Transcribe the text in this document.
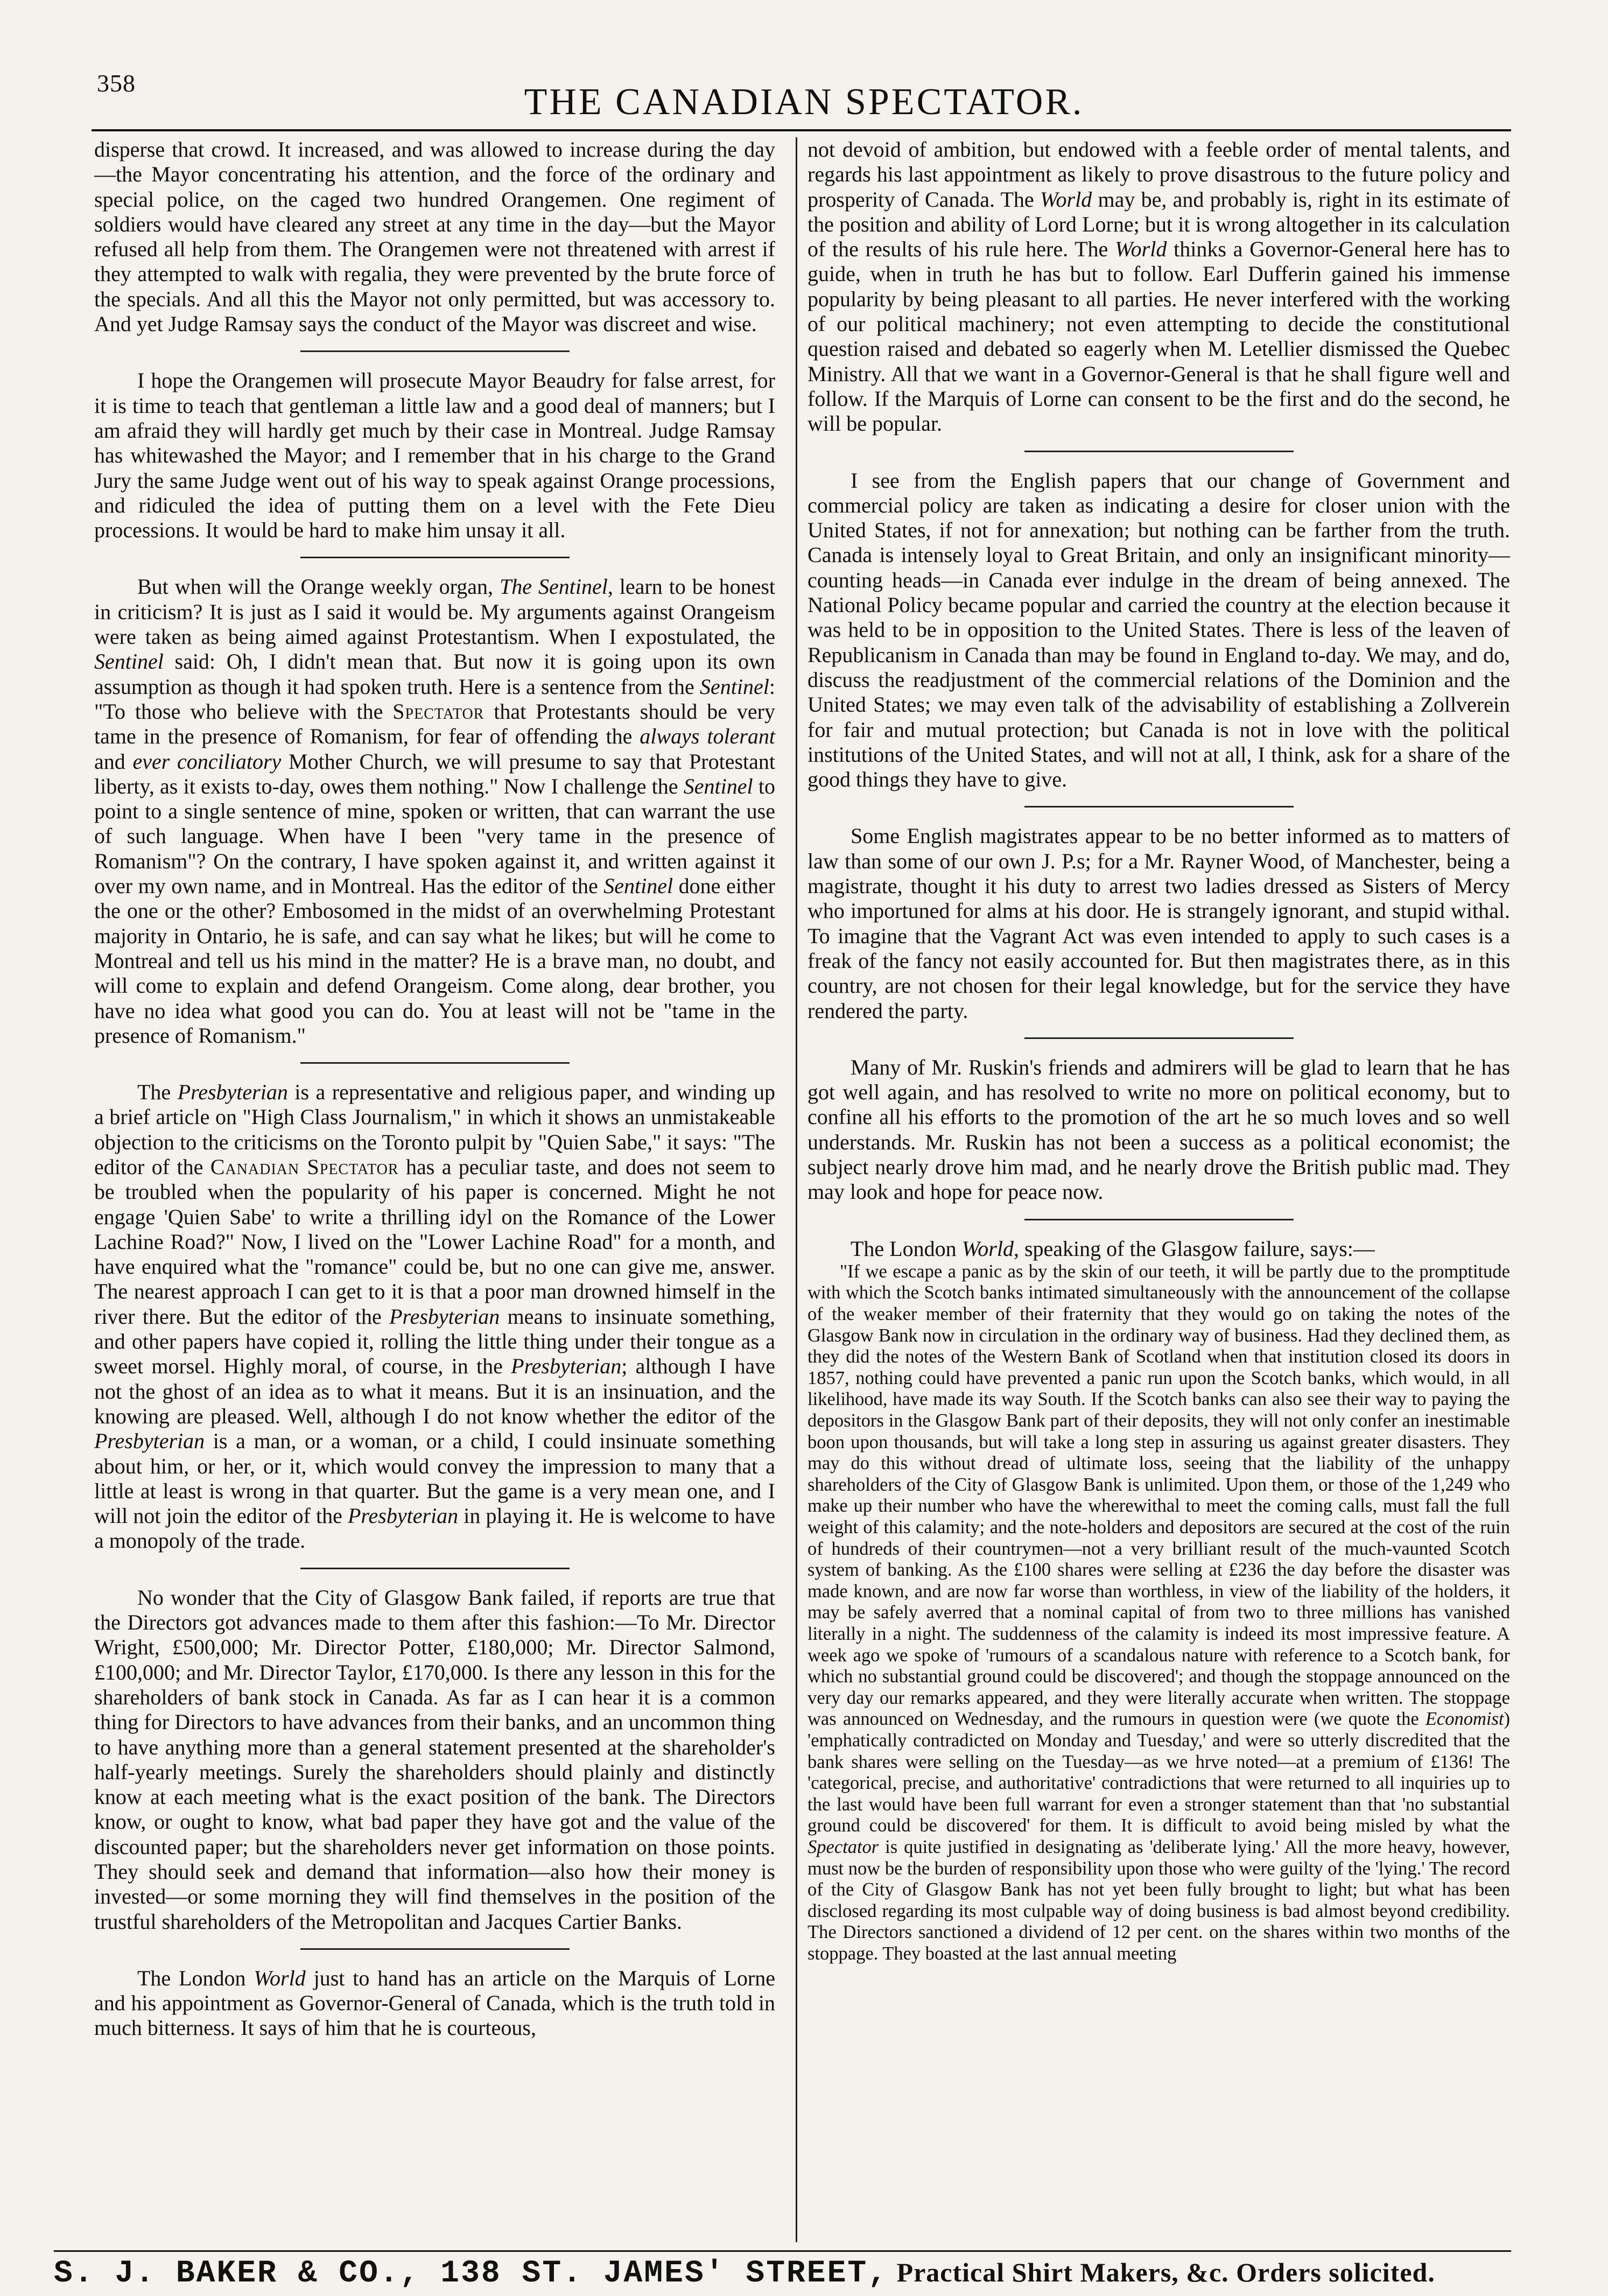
358	THE CANADIAN SPECTATOR.

disperse that crowd. It increased, and was allowed to increase during the day—the Mayor concentrating his attention, and the force of the ordinary and special police, on the caged two hundred Orangemen. One regiment of soldiers would have cleared any street at any time in the day—but the Mayor refused all help from them. The Orangemen were not threatened with arrest if they attempted to walk with regalia, they were prevented by the brute force of the specials. And all this the Mayor not only permitted, but was accessory to. And yet Judge Ramsay says the conduct of the Mayor was discreet and wise.

I hope the Orangemen will prosecute Mayor Beaudry for false arrest, for it is time to teach that gentleman a little law and a good deal of manners; but I am afraid they will hardly get much by their case in Montreal. Judge Ramsay has whitewashed the Mayor; and I remember that in his charge to the Grand Jury the same Judge went out of his way to speak against Orange processions, and ridiculed the idea of putting them on a level with the Fete Dieu processions. It would be hard to make him unsay it all.

But when will the Orange weekly organ, The Sentinel, learn to be honest in criticism? It is just as I said it would be. My arguments against Orangeism were taken as being aimed against Protestantism. When I expostulated, the Sentinel said: Oh, I didn't mean that. But now it is going upon its own assumption as though it had spoken truth. Here is a sentence from the Sentinel: "To those who believe with the Spectator that Protestants should be very tame in the presence of Romanism, for fear of offending the always tolerant and ever conciliatory Mother Church, we will presume to say that Protestant liberty, as it exists to-day, owes them nothing." Now I challenge the Sentinel to point to a single sentence of mine, spoken or written, that can warrant the use of such language. When have I been "very tame in the presence of Romanism"? On the contrary, I have spoken against it, and written against it over my own name, and in Montreal. Has the editor of the Sentinel done either the one or the other? Embosomed in the midst of an overwhelming Protestant majority in Ontario, he is safe, and can say what he likes; but will he come to Montreal and tell us his mind in the matter? He is a brave man, no doubt, and will come to explain and defend Orangeism. Come along, dear brother, you have no idea what good you can do. You at least will not be "tame in the presence of Romanism."

The Presbyterian is a representative and religious paper, and winding up a brief article on "High Class Journalism," in which it shows an unmistakeable objection to the criticisms on the Toronto pulpit by "Quien Sabe," it says: "The editor of the Canadian Spectator has a peculiar taste, and does not seem to be troubled when the popularity of his paper is concerned. Might he not engage 'Quien Sabe' to write a thrilling idyl on the Romance of the Lower Lachine Road?" Now, I lived on the "Lower Lachine Road" for a month, and have enquired what the "romance" could be, but no one can give me, answer. The nearest approach I can get to it is that a poor man drowned himself in the river there. But the editor of the Presbyterian means to insinuate something, and other papers have copied it, rolling the little thing under their tongue as a sweet morsel. Highly moral, of course, in the Presbyterian; although I have not the ghost of an idea as to what it means. But it is an insinuation, and the knowing are pleased. Well, although I do not know whether the editor of the Presbyterian is a man, or a woman, or a child, I could insinuate something about him, or her, or it, which would convey the impression to many that a little at least is wrong in that quarter. But the game is a very mean one, and I will not join the editor of the Presbyterian in playing it. He is welcome to have a monopoly of the trade.

No wonder that the City of Glasgow Bank failed, if reports are true that the Directors got advances made to them after this fashion:—To Mr. Director Wright, £500,000; Mr. Director Potter, £180,000; Mr. Director Salmond, £100,000; and Mr. Director Taylor, £170,000. Is there any lesson in this for the shareholders of bank stock in Canada. As far as I can hear it is a common thing for Directors to have advances from their banks, and an uncommon thing to have anything more than a general statement presented at the shareholder's half-yearly meetings. Surely the shareholders should plainly and distinctly know at each meeting what is the exact position of the bank. The Directors know, or ought to know, what bad paper they have got and the value of the discounted paper; but the shareholders never get information on those points. They should seek and demand that information—also how their money is invested—or some morning they will find themselves in the position of the trustful shareholders of the Metropolitan and Jacques Cartier Banks.

The London World just to hand has an article on the Marquis of Lorne and his appointment as Governor-General of Canada, which is the truth told in much bitterness. It says of him that he is courteous,

not devoid of ambition, but endowed with a feeble order of mental talents, and regards his last appointment as likely to prove disastrous to the future policy and prosperity of Canada. The World may be, and probably is, right in its estimate of the position and ability of Lord Lorne; but it is wrong altogether in its calculation of the results of his rule here. The World thinks a Governor-General here has to guide, when in truth he has but to follow. Earl Dufferin gained his immense popularity by being pleasant to all parties. He never interfered with the working of our political machinery; not even attempting to decide the constitutional question raised and debated so eagerly when M. Letellier dismissed the Quebec Ministry. All that we want in a Governor-General is that he shall figure well and follow. If the Marquis of Lorne can consent to be the first and do the second, he will be popular.

I see from the English papers that our change of Government and commercial policy are taken as indicating a desire for closer union with the United States, if not for annexation; but nothing can be farther from the truth. Canada is intensely loyal to Great Britain, and only an insignificant minority—counting heads—in Canada ever indulge in the dream of being annexed. The National Policy became popular and carried the country at the election because it was held to be in opposition to the United States. There is less of the leaven of Republicanism in Canada than may be found in England to-day. We may, and do, discuss the readjustment of the commercial relations of the Dominion and the United States; we may even talk of the advisability of establishing a Zollverein for fair and mutual protection; but Canada is not in love with the political institutions of the United States, and will not at all, I think, ask for a share of the good things they have to give.

Some English magistrates appear to be no better informed as to matters of law than some of our own J. P.s; for a Mr. Rayner Wood, of Manchester, being a magistrate, thought it his duty to arrest two ladies dressed as Sisters of Mercy who importuned for alms at his door. He is strangely ignorant, and stupid withal. To imagine that the Vagrant Act was even intended to apply to such cases is a freak of the fancy not easily accounted for. But then magistrates there, as in this country, are not chosen for their legal knowledge, but for the service they have rendered the party.

Many of Mr. Ruskin's friends and admirers will be glad to learn that he has got well again, and has resolved to write no more on political economy, but to confine all his efforts to the promotion of the art he so much loves and so well understands. Mr. Ruskin has not been a success as a political economist; the subject nearly drove him mad, and he nearly drove the British public mad. They may look and hope for peace now.

The London World, speaking of the Glasgow failure, says:—

"If we escape a panic as by the skin of our teeth, it will be partly due to the promptitude with which the Scotch banks intimated simultaneously with the announcement of the collapse of the weaker member of their fraternity that they would go on taking the notes of the Glasgow Bank now in circulation in the ordinary way of business. Had they declined them, as they did the notes of the Western Bank of Scotland when that institution closed its doors in 1857, nothing could have prevented a panic run upon the Scotch banks, which would, in all likelihood, have made its way South. If the Scotch banks can also see their way to paying the depositors in the Glasgow Bank part of their deposits, they will not only confer an inestimable boon upon thousands, but will take a long step in assuring us against greater disasters. They may do this without dread of ultimate loss, seeing that the liability of the unhappy shareholders of the City of Glasgow Bank is unlimited. Upon them, or those of the 1,249 who make up their number who have the wherewithal to meet the coming calls, must fall the full weight of this calamity; and the note-holders and depositors are secured at the cost of the ruin of hundreds of their countrymen—not a very brilliant result of the much-vaunted Scotch system of banking. As the £100 shares were selling at £236 the day before the disaster was made known, and are now far worse than worthless, in view of the liability of the holders, it may be safely averred that a nominal capital of from two to three millions has vanished literally in a night. The suddenness of the calamity is indeed its most impressive feature. A week ago we spoke of 'rumours of a scandalous nature with reference to a Scotch bank, for which no substantial ground could be discovered'; and though the stoppage announced on the very day our remarks appeared, and they were literally accurate when written. The stoppage was announced on Wednesday, and the rumours in question were (we quote the Economist) 'emphatically contradicted on Monday and Tuesday,' and were so utterly discredited that the bank shares were selling on the Tuesday—as we hrve noted—at a premium of £136! The 'categorical, precise, and authoritative' contradictions that were returned to all inquiries up to the last would have been full warrant for even a stronger statement than that 'no substantial ground could be discovered' for them. It is difficult to avoid being misled by what the Spectator is quite justified in designating as 'deliberate lying.' All the more heavy, however, must now be the burden of responsibility upon those who were guilty of the 'lying.' The record of the City of Glasgow Bank has not yet been fully brought to light; but what has been disclosed regarding its most culpable way of doing business is bad almost beyond credibility. The Directors sanctioned a dividend of 12 per cent. on the shares within two months of the stoppage. They boasted at the last annual meeting

S. J. BAKER & CO., 138 ST. JAMES' STREET, Practical Shirt Makers, &c. Orders solicited.
